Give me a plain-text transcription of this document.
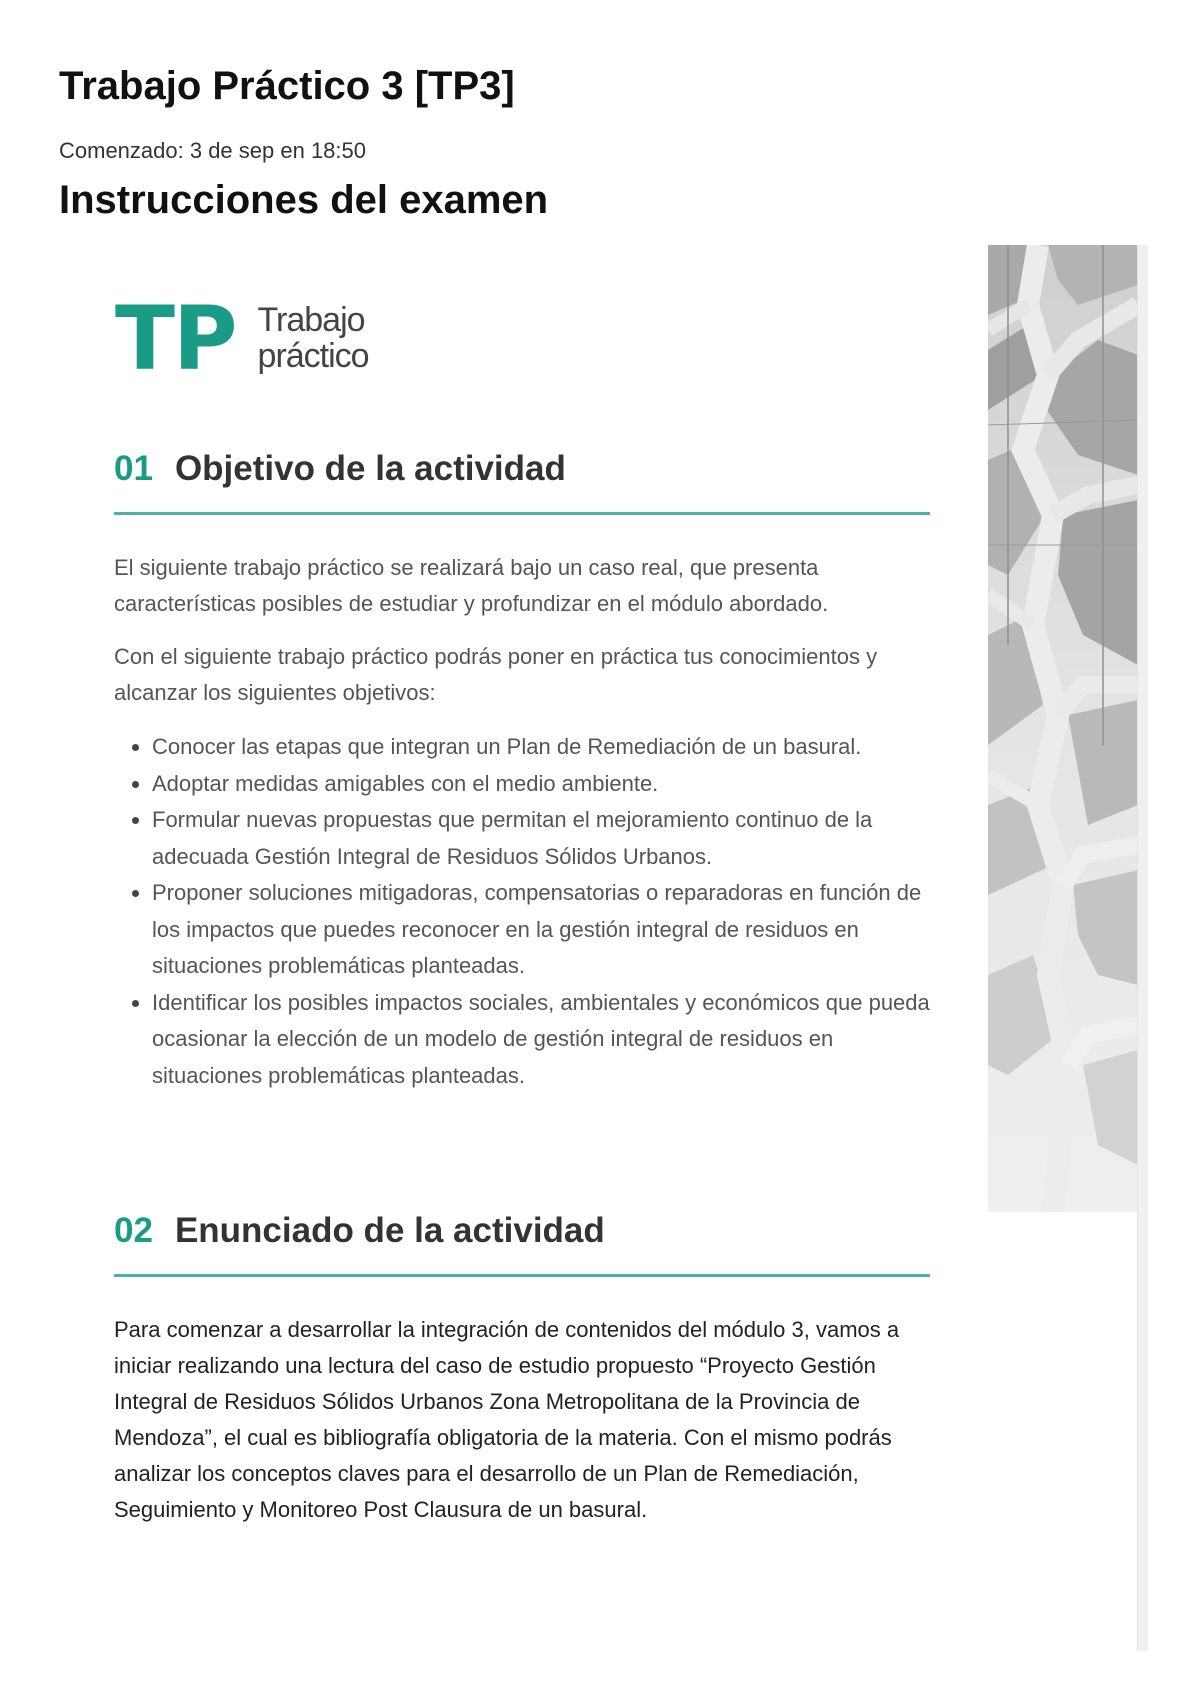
Trabajo Práctico 3 [TP3]
Comenzado: 3 de sep en 18:50
Instrucciones del examen
TP Trabajo
práctico
01 Objetivo de la actividad

El siguiente trabajo práctico se realizará bajo un caso real, que presenta características posibles de estudiar y profundizar en el módulo abordado.

Con el siguiente trabajo práctico podrás poner en práctica tus conocimientos y alcanzar los siguientes objetivos:

• Conocer las etapas que integran un Plan de Remediación de un basural.
• Adoptar medidas amigables con el medio ambiente.
• Formular nuevas propuestas que permitan el mejoramiento continuo de la adecuada Gestión Integral de Residuos Sólidos Urbanos.
• Proponer soluciones mitigadoras, compensatorias o reparadoras en función de los impactos que puedes reconocer en la gestión integral de residuos en situaciones problemáticas planteadas.
• Identificar los posibles impactos sociales, ambientales y económicos que pueda ocasionar la elección de un modelo de gestión integral de residuos en situaciones problemáticas planteadas.
02 Enunciado de la actividad

Para comenzar a desarrollar la integración de contenidos del módulo 3, vamos a iniciar realizando una lectura del caso de estudio propuesto “Proyecto Gestión Integral de Residuos Sólidos Urbanos Zona Metropolitana de la Provincia de Mendoza”, el cual es bibliografía obligatoria de la materia. Con el mismo podrás analizar los conceptos claves para el desarrollo de un Plan de Remediación, Seguimiento y Monitoreo Post Clausura de un basural.
